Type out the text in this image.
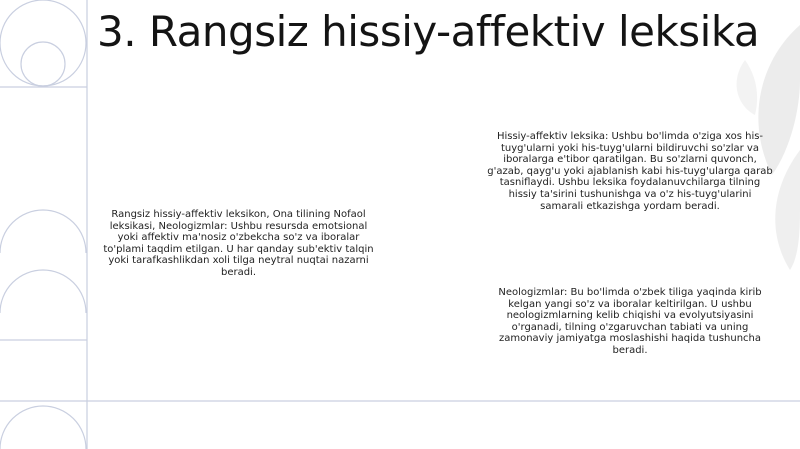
3. Rangsiz hissiy-affektiv leksika

Rangsiz hissiy-affektiv leksikon, Ona tilining Nofaol leksikasi, Neologizmlar: Ushbu resursda emotsional yoki affektiv ma'nosiz o'zbekcha so'z va iboralar to'plami taqdim etilgan. U har qanday sub'ektiv talqin yoki tarafkashlikdan xoli tilga neytral nuqtai nazarni beradi.

Hissiy-affektiv leksika: Ushbu bo'limda o'ziga xos his-tuyg'ularni yoki his-tuyg'ularni bildiruvchi so'zlar va iboralarga e'tibor qaratilgan. Bu so'zlarni quvonch, g'azab, qayg'u yoki ajablanish kabi his-tuyg'ularga qarab tasniflaydi. Ushbu leksika foydalanuvchilarga tilning hissiy ta'sirini tushunishga va o'z his-tuyg'ularini samarali etkazishga yordam beradi.

Neologizmlar: Bu bo'limda o'zbek tiliga yaqinda kirib kelgan yangi so'z va iboralar keltirilgan. U ushbu neologizmlarning kelib chiqishi va evolyutsiyasini o'rganadi, tilning o'zgaruvchan tabiati va uning zamonaviy jamiyatga moslashishi haqida tushuncha beradi.
